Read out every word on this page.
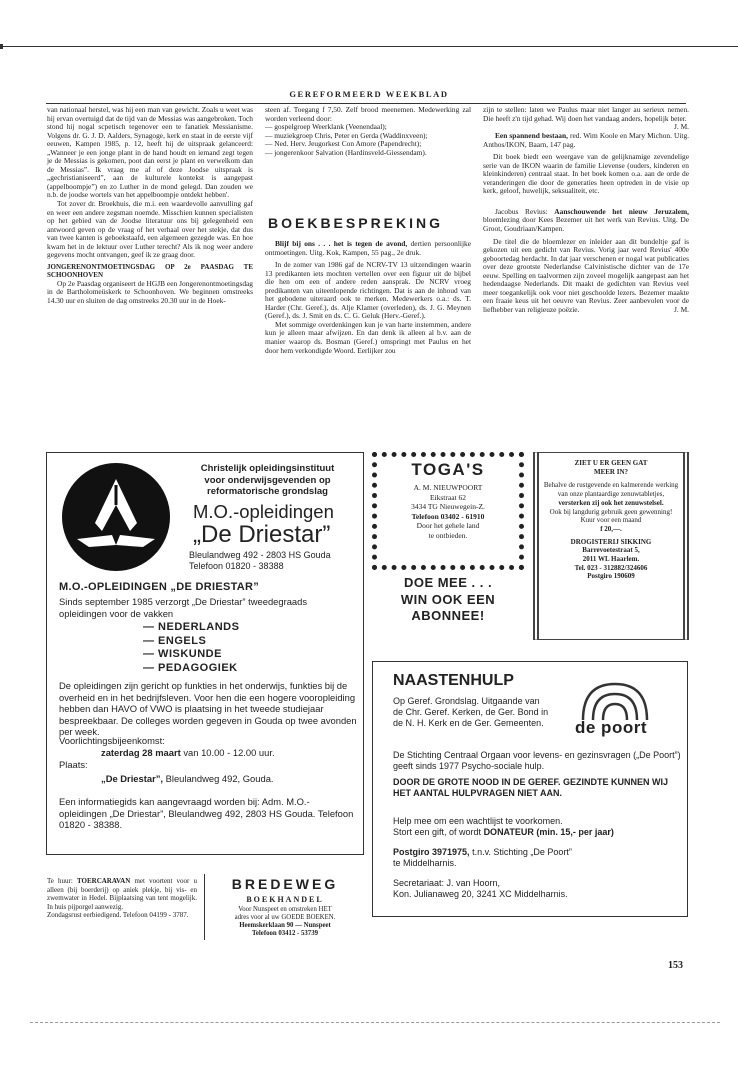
GEREFORMEERD WEEKBLAD

van nationaal herstel, was hij een man van gewicht. Zoals u weet was hij ervan overtuigd dat de tijd van de Messias was aangebroken. Toch stond hij nogal scpetisch tegenover een te fanatiek Messianisme. Volgens dr. G. J. D. Aalders, Synagoge, kerk en staat in de eerste vijf eeuwen, Kampen 1985, p. 12, heeft hij de uitspraak gelanceerd: „Wanneer je een jonge plant in de hand houdt en iemand zegt tegen je de Messias is gekomen, poot dan eerst je plant en verwelkom dan de Messias”. Ik vraag me af of deze Joodse uitspraak is „gechristianiseerd”, aan de kulturele kontekst is aangepast (appelboompje”) en zo Luther in de mond gelegd. Dan zouden we n.b. de joodse wortels van het appelboompje ontdekt hebben'.

Tot zover dr. Broekhuis, die m.i. een waardevolle aanvulling gaf en weer een andere zegsman noemde. Misschien kunnen specialisten op het gebied van de Joodse literatuur ons bij gelegenheid een antwoord geven op de vraag of het verhaal over het stekje, dat dus van twee kanten is geboekstaafd, een algemeen gezegde was. En hoe kwam het in de lektuur over Luther terecht? Als ik nog weer andere gegevens mocht ontvangen, geef ik ze graag door.

JONGERENONTMOETINGSDAG OP 2e PAASDAG TE SCHOONHOVEN

Op 2e Paasdag organiseert de HGJB een Jongerenontmoetingsdag in de Bartholomeüskerk te Schoonhoven. We beginnen omstreeks 14.30 uur en sluiten de dag omstreeks 20.30 uur in de Hoek-

steen af. Toegang f 7,50. Zelf brood meenemen. Medewerking zal worden verleend door:

— gospelgroep Weerklank (Veenendaal);

— muziekgroep Chris, Peter en Gerda (Waddinxveen);

— Ned. Herv. Jeugorkest Con Amore (Papendrecht);

— jongerenkoor Salvation (Hardinsveld-Giessendam).

BOEKBESPREKING

Blijf bij ons . . . het is tegen de avond, dertien persoonlijke ontmoetingen. Uitg. Kok, Kampen, 55 pag., 2e druk.

In de zomer van 1986 gaf de NCRV-TV 13 uitzendingen waarin 13 predikanten iets mochten vertellen over een figuur uit de bijbel die hen om een of andere reden aansprak. De NCRV vroeg predikanten van uiteenlopende richtingen. Dat is aan de inhoud van het gebodene uiteraard ook te merken. Medewerkers o.a.: ds. T. Harder (Chr. Geref.), ds. Alje Klamer (overleden), ds. J. G. Meynen (Geref.), ds. J. Smit en ds. C. G. Geluk (Herv.-Geref.).

Met sommige overdenkingen kun je van harte instemmen, andere kun je alleen maar afwijzen. En dan denk ik alleen al b.v. aan de manier waarop ds. Bosman (Geref.) omspringt met Paulus en het door hem verkondigde Woord. Eerlijker zou

zijn te stellen: laten we Paulus maar niet langer au serieux nemen. Die heeft z'n tijd gehad. Wij doen het vandaag anders, hopelijk beter.
J. M.

Een spannend bestaan, red. Wim Koole en Mary Michon. Uitg. Anthos/IKON, Baarn, 147 pag.

Dit boek biedt een weergave van de gelijknamige zevendelige serie van de IKON waarin de familie Lievense (ouders, kinderen en kleinkinderen) centraal staat. In het boek komen o.a. aan de orde de veranderingen die door de generaties heen optreden in de visie op kerk, geloof, huwelijk, seksualiteit, etc.

Jacobus Revius: Aanschouwende het nieuw Jeruzalem, bloemlezing door Kees Bezemer uit het werk van Revius. Uitg. De Groot, Goudriaan/Kampen.

De titel die de bloemlezer en inleider aan dit bundeltje gaf is gekozen uit een gedicht van Revius. Vorig jaar werd Revius' 400e geboortedag herdacht. In dat jaar verschenen er nogal wat publicaties over deze grootste Nederlandse Calvinistische dichter van de 17e eeuw. Spelling en taalvormen zijn zoveel mogelijk aangepast aan het hedendaagse Nederlands. Dit maakt de gedichten van Revius veel meer toegankelijk ook voor niet geschoolde lezers. Bezemer maakte een fraaie keus uit het oeuvre van Revius. Zeer aanbevolen voor de liefhebber van religieuze poëzie.	J. M.

Christelijk opleidingsinstituut
voor onderwijsgevenden op
reformatorische grondslag
M.O.-opleidingen
„De Driestar”
Bleulandweg 492 - 2803 HS Gouda
Telefoon 01820 - 38388
M.O.-OPLEIDINGEN „DE DRIESTAR”
Sinds september 1985 verzorgt „De Driestar” tweedegraads opleidingen voor de vakken
— NEDERLANDS
— ENGELS
— WISKUNDE
— PEDAGOGIEK
De opleidingen zijn gericht op funkties in het onderwijs, funkties bij de overheid en in het bedrijfsleven. Voor hen die een hogere vooropleiding hebben dan HAVO of VWO is plaatsing in het tweede studiejaar bespreekbaar. De colleges worden gegeven in Gouda op twee avonden per week.
Voorlichtingsbijeenkomst:
zaterdag 28 maart van 10.00 - 12.00 uur.
Plaats:
„De Driestar”, Bleulandweg 492, Gouda.
Een informatiegids kan aangevraagd worden bij: Adm. M.O.-opleidingen „De Driestar”, Bleulandweg 492, 2803 HS Gouda. Telefoon 01820 - 38388.
TOGA'S
A. M. NIEUWPOORT
Eikstraat 62
3434 TG Nieuwegein-Z.
Telefoon 03402 - 61910
Door het gehele land
te ontbieden.
DOE MEE . . .
WIN OOK EEN
ABONNEE!
ZIET U ER GEEN GAT
MEER IN?
Behalve de rustgevende en kalmerende werking van onze plantaardige zenuwtabletjes,
versterken zij ook het zenuwstelsel.
Ook bij langdurig gebruik geen gewenning!
Kuur voor een maand
f 20,—.
DROGISTERIJ SIKKING
Barrevoetestraat 5,
2011 WL Haarlem.
Tel. 023 - 312882/324606
Postgiro 190609
NAASTENHULP
Op Geref. Grondslag. Uitgaande van de Chr. Geref. Kerken, de Ger. Bond in de N. H. Kerk en de Ger. Gemeenten.	de poort
De Stichting Centraal Orgaan voor levens- en gezinsvragen („De Poort”) geeft sinds 1977 Psycho-sociale hulp.
DOOR DE GROTE NOOD IN DE GEREF. GEZINDTE KUNNEN WIJ HET AANTAL HULPVRAGEN NIET AAN.
Help mee om een wachtlijst te voorkomen.
Stort een gift, of wordt DONATEUR (min. 15,- per jaar)
Postgiro 3971975, t.n.v. Stichting „De Poort”
te Middelharnis.
Secretariaat: J. van Hoorn,
Kon. Julianaweg 20, 3241 XC Middelharnis.

Te huur: TOERCARAVAN met voortent voor u alleen (bij boerderij) op aniek plekje, bij vis- en zwemwater in Hedel. Bijplaatsing van tent mogelijk. In huis pijporgel aanwezig.

Zondagsrust eerbiedigend. Telefoon 04199 - 3787.

BREDEWEG
BOEKHANDEL
Voor Nunspeet en omstreken HET
adres voor al uw GOEDE BOEKEN.
Heemskerklaan 90 — Nunspeet
Telefoon 03412 - 53739
153
